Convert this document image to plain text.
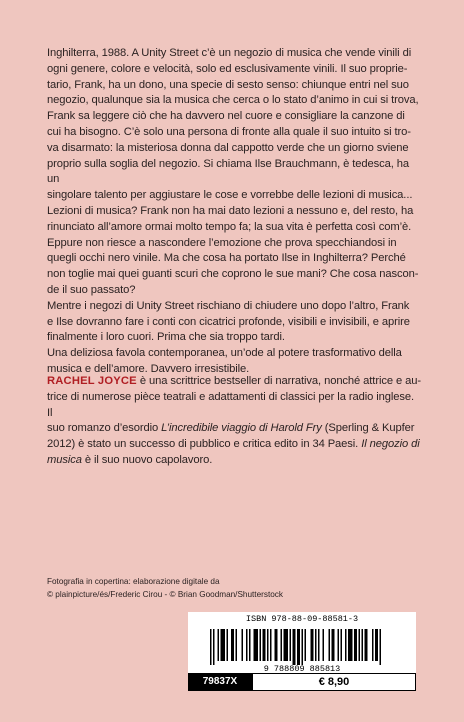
Inghilterra, 1988. A Unity Street c’è un negozio di musica che vende vinili di

ogni genere, colore e velocità, solo ed esclusivamente vinili. Il suo proprie-

tario, Frank, ha un dono, una specie di sesto senso: chiunque entri nel suo

negozio, qualunque sia la musica che cerca o lo stato d’animo in cui si trova,

Frank sa leggere ciò che ha davvero nel cuore e consigliare la canzone di

cui ha bisogno. C’è solo una persona di fronte alla quale il suo intuito si tro-

va disarmato: la misteriosa donna dal cappotto verde che un giorno sviene

proprio sulla soglia del negozio. Si chiama Ilse Brauchmann, è tedesca, ha un

singolare talento per aggiustare le cose e vorrebbe delle lezioni di musica...

Lezioni di musica? Frank non ha mai dato lezioni a nessuno e, del resto, ha

rinunciato all’amore ormai molto tempo fa; la sua vita è perfetta così com’è.

Eppure non riesce a nascondere l’emozione che prova specchiandosi in

quegli occhi nero vinile. Ma che cosa ha portato Ilse in Inghilterra? Perché

non toglie mai quei guanti scuri che coprono le sue mani? Che cosa nascon-

de il suo passato?

Mentre i negozi di Unity Street rischiano di chiudere uno dopo l’altro, Frank

e Ilse dovranno fare i conti con cicatrici profonde, visibili e invisibili, e aprire

finalmente i loro cuori. Prima che sia troppo tardi.

Una deliziosa favola contemporanea, un’ode al potere trasformativo della

musica e dell’amore. Davvero irresistibile.

RACHEL JOYCE è una scrittrice bestseller di narrativa, nonché attrice e au-
trice di numerose pièce teatrali e adattamenti di classici per la radio inglese. Il
suo romanzo d’esordio L’incredibile viaggio di Harold Fry (Sperling & Kupfer
2012) è stato un successo di pubblico e critica edito in 34 Paesi. Il negozio di
musica è il suo nuovo capolavoro.
Fotografia in copertina: elaborazione digitale da
© plainpicture/és/Frederic Cirou - © Brian Goodman/Shutterstock
ISBN 978-88-09-88581-3
9 788809 885813
79837X	€ 8,90
